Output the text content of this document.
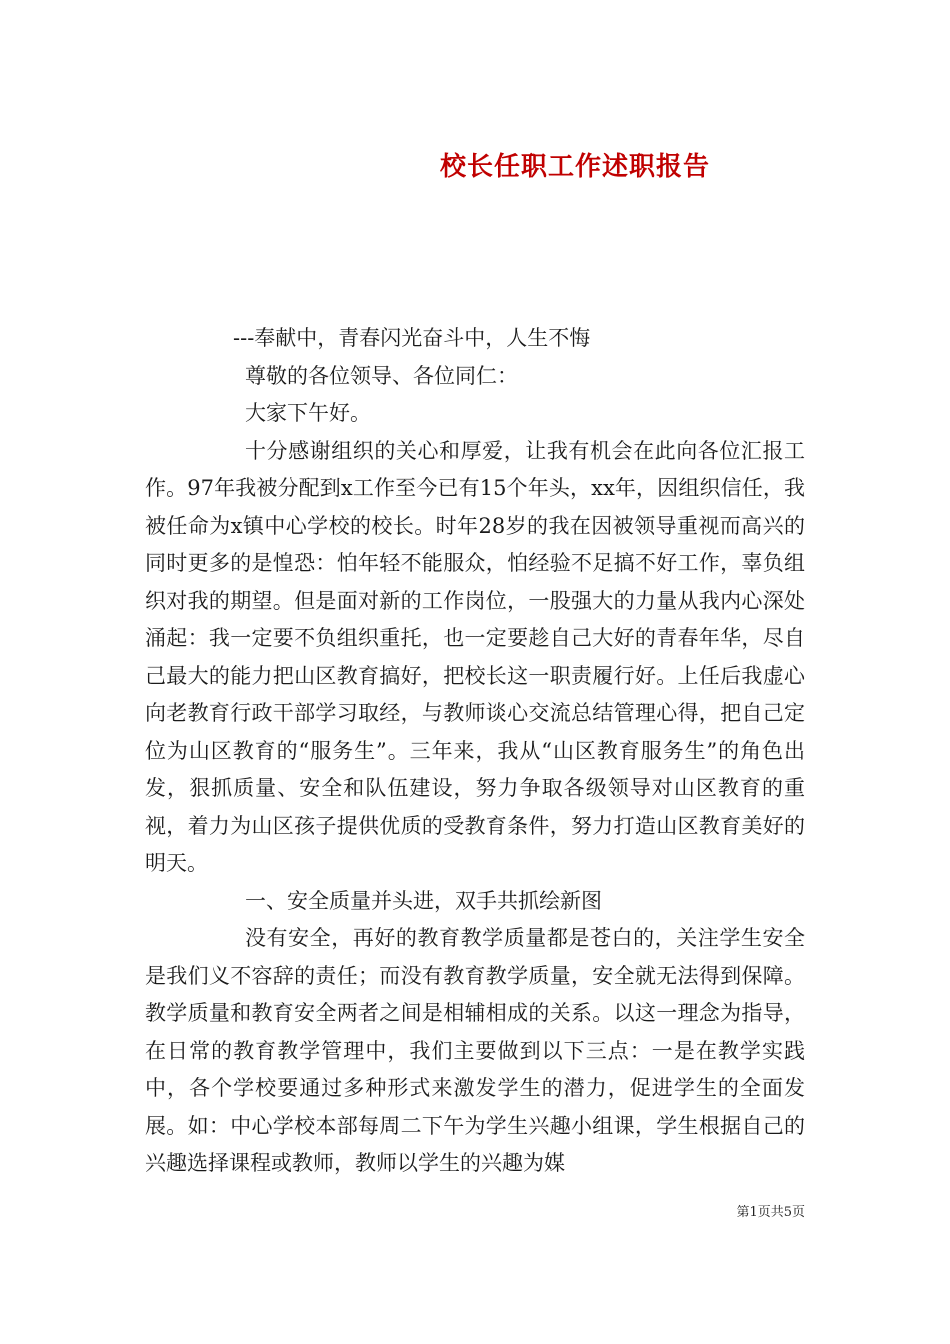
校长任职工作述职报告

---奉献中，青春闪光奋斗中，人生不悔

尊敬的各位领导、各位同仁：

大家下午好。

十分感谢组织的关心和厚爱，让我有机会在此向各位汇报工作。97年我被分配到x工作至今已有15个年头，xx年，因组织信任，我被任命为x镇中心学校的校长。时年28岁的我在因被领导重视而高兴的同时更多的是惶恐：怕年轻不能服众，怕经验不足搞不好工作，辜负组织对我的期望。但是面对新的工作岗位，一股强大的力量从我内心深处涌起：我一定要不负组织重托，也一定要趁自己大好的青春年华，尽自己最大的能力把山区教育搞好，把校长这一职责履行好。上任后我虚心向老教育行政干部学习取经，与教师谈心交流总结管理心得，把自己定位为山区教育的“服务生”。三年来，我从“山区教育服务生”的角色出发，狠抓质量、安全和队伍建设，努力争取各级领导对山区教育的重视，着力为山区孩子提供优质的受教育条件，努力打造山区教育美好的明天。

一、安全质量并头进，双手共抓绘新图

没有安全，再好的教育教学质量都是苍白的，关注学生安全是我们义不容辞的责任；而没有教育教学质量，安全就无法得到保障。教学质量和教育安全两者之间是相辅相成的关系。以这一理念为指导，在日常的教育教学管理中，我们主要做到以下三点：一是在教学实践中，各个学校要通过多种形式来激发学生的潜力，促进学生的全面发展。如：中心学校本部每周二下午为学生兴趣小组课，学生根据自己的兴趣选择课程或教师，教师以学生的兴趣为媒

第1页共5页
